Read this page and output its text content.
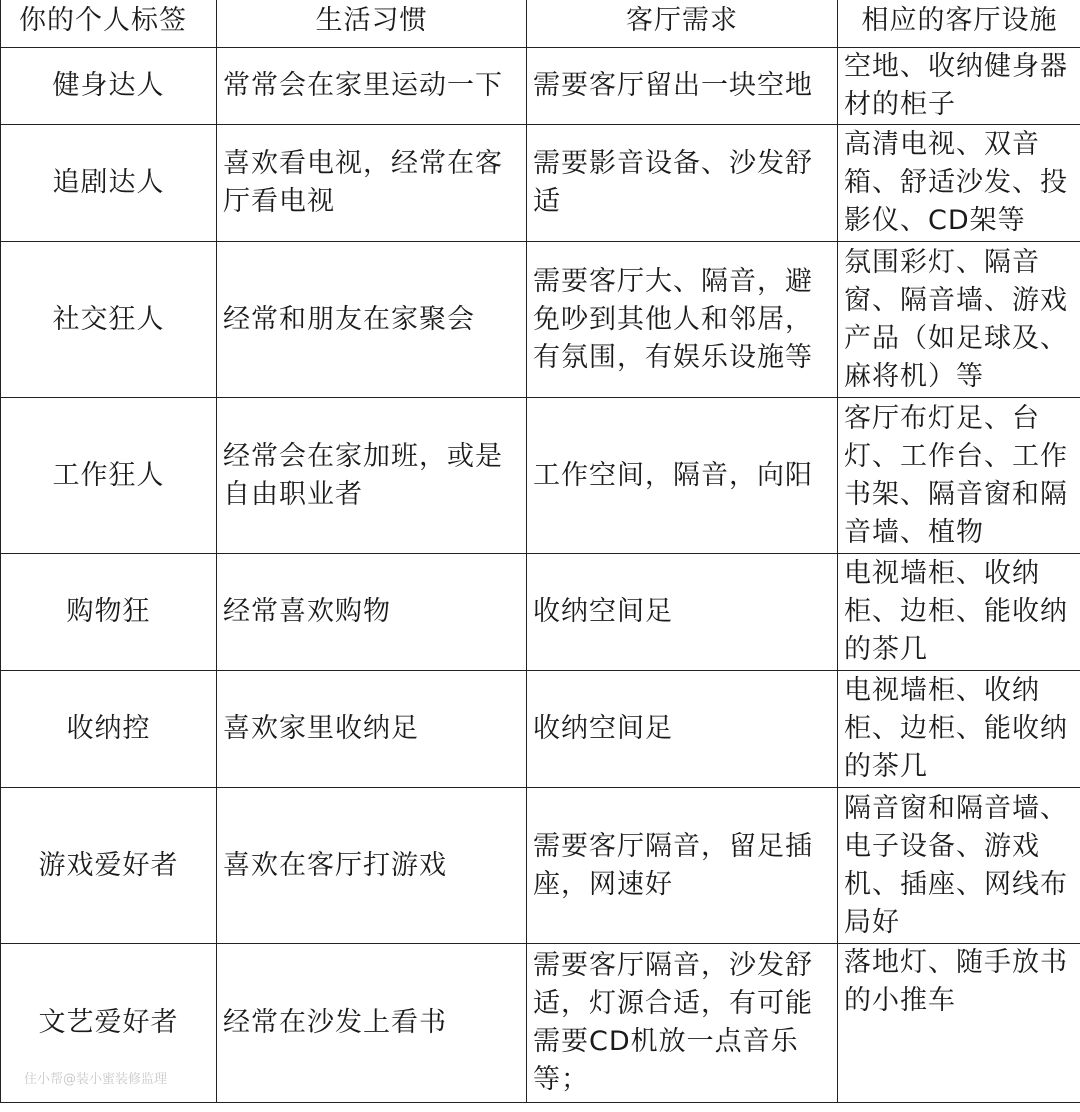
你的个人标签	生活习惯	客厅需求	相应的客厅设施
健身达人	常常会在家里运动一下	需要客厅留出一块空地	空地、收纳健身器材的柜子
追剧达人	喜欢看电视，经常在客厅看电视	需要影音设备、沙发舒适	高清电视、双音箱、舒适沙发、投影仪、CD架等
社交狂人	经常和朋友在家聚会	需要客厅大、隔音，避免吵到其他人和邻居，有氛围，有娱乐设施等	氛围彩灯、隔音窗、隔音墙、游戏产品（如足球及、麻将机）等
工作狂人	经常会在家加班，或是自由职业者	工作空间，隔音，向阳	客厅布灯足、台灯、工作台、工作书架、隔音窗和隔音墙、植物
购物狂	经常喜欢购物	收纳空间足	电视墙柜、收纳柜、边柜、能收纳的茶几
收纳控	喜欢家里收纳足	收纳空间足	电视墙柜、收纳柜、边柜、能收纳的茶几
游戏爱好者	喜欢在客厅打游戏	需要客厅隔音，留足插座，网速好	隔音窗和隔音墙、电子设备、游戏机、插座、网线布局好
文艺爱好者	经常在沙发上看书	需要客厅隔音，沙发舒适，灯源合适，有可能需要CD机放一点音乐等；	落地灯、随手放书的小推车
住小帮@装小蜜装修监理
